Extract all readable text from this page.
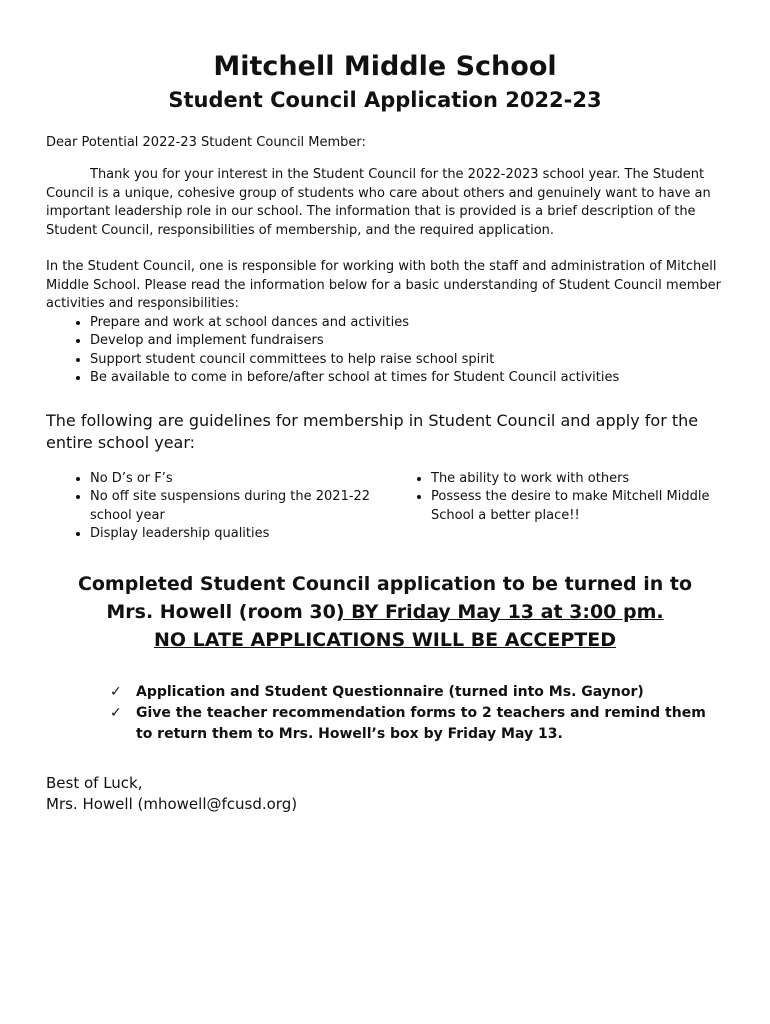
Mitchell Middle School
Student Council Application 2022-23

Dear Potential 2022-23 Student Council Member:

Thank you for your interest in the Student Council for the 2022-2023 school year. The Student Council is a unique, cohesive group of students who care about others and genuinely want to have an important leadership role in our school. The information that is provided is a brief description of the Student Council, responsibilities of membership, and the required application.

In the Student Council, one is responsible for working with both the staff and administration of Mitchell Middle School. Please read the information below for a basic understanding of Student Council member activities and responsibilities:

• Prepare and work at school dances and activities
• Develop and implement fundraisers
• Support student council committees to help raise school spirit
• Be available to come in before/after school at times for Student Council activities

The following are guidelines for membership in Student Council and apply for the entire school year:

• No D’s or F’s
• No off site suspensions during the 2021-22 school year
• Display leadership qualities
• The ability to work with others
• Possess the desire to make Mitchell Middle School a better place!!
Completed Student Council application to be turned in to
Mrs. Howell (room 30) BY Friday May 13 at 3:00 pm.
NO LATE APPLICATIONS WILL BE ACCEPTED
✓ Application and Student Questionnaire (turned into Ms. Gaynor)
✓ Give the teacher recommendation forms to 2 teachers and remind them to return them to Mrs. Howell’s box by Friday May 13.
Best of Luck,
Mrs. Howell (mhowell@fcusd.org)
